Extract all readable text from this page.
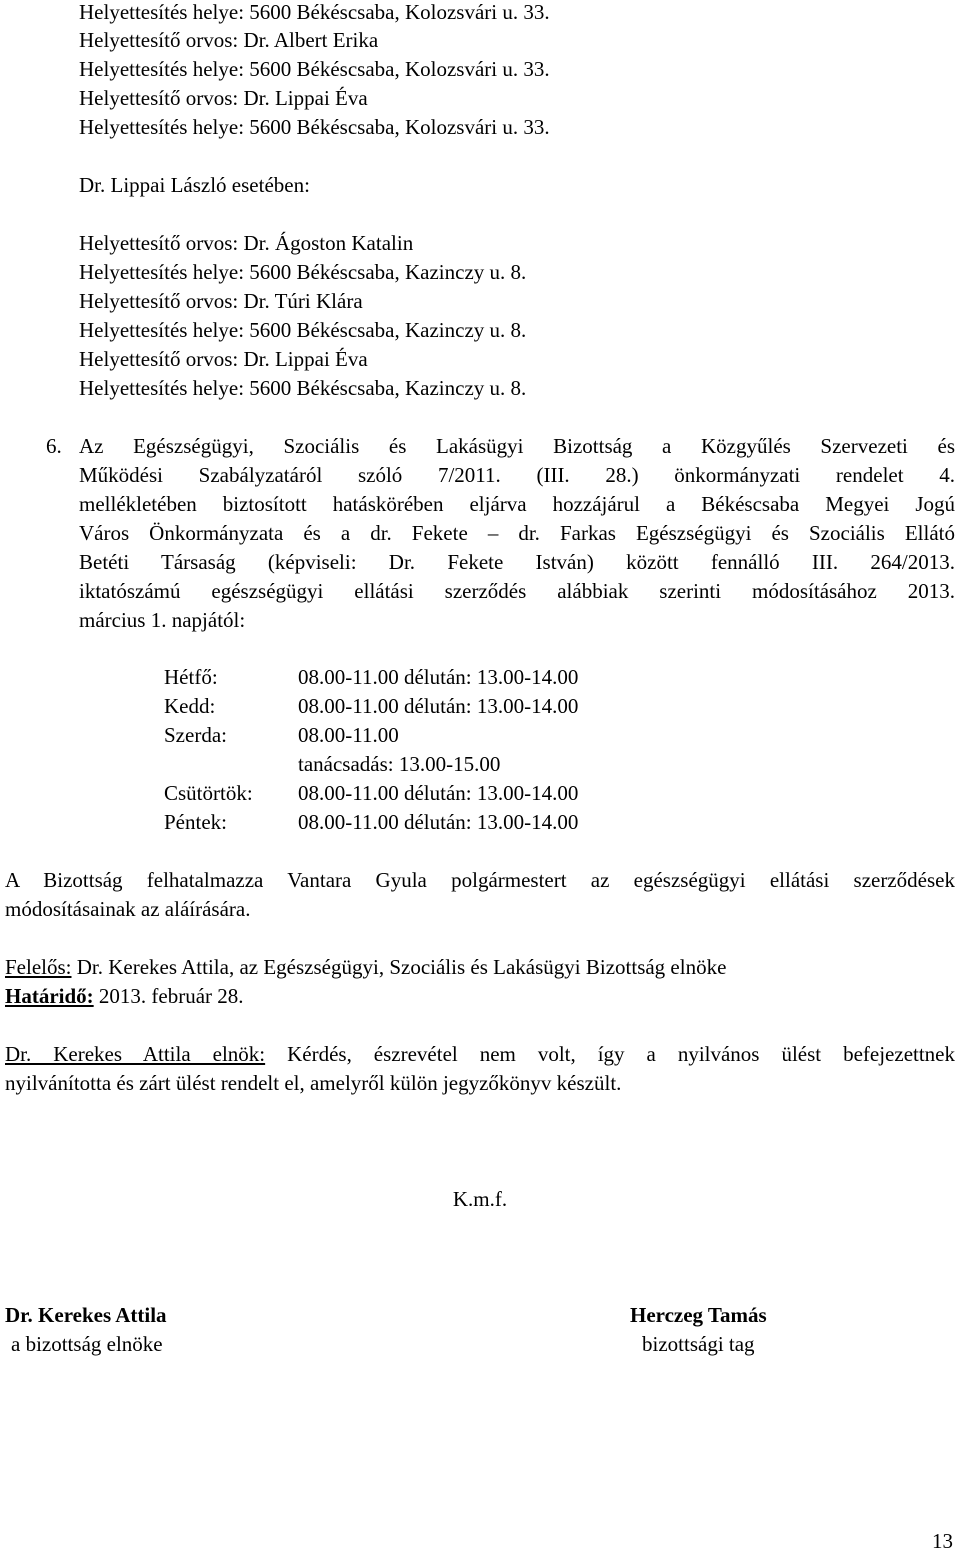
Helyettesítés helye: 5600 Békéscsaba, Kolozsvári u. 33.
Helyettesítő orvos: Dr. Albert Erika
Helyettesítés helye: 5600 Békéscsaba, Kolozsvári u. 33.
Helyettesítő orvos: Dr. Lippai Éva
Helyettesítés helye: 5600 Békéscsaba, Kolozsvári u. 33.
Dr. Lippai László esetében:
Helyettesítő orvos: Dr. Ágoston Katalin
Helyettesítés helye: 5600 Békéscsaba, Kazinczy u. 8.
Helyettesítő orvos: Dr. Túri Klára
Helyettesítés helye: 5600 Békéscsaba, Kazinczy u. 8.
Helyettesítő orvos: Dr. Lippai Éva
Helyettesítés helye: 5600 Békéscsaba, Kazinczy u. 8.
6. Az Egészségügyi, Szociális és Lakásügyi Bizottság a Közgyűlés Szervezeti és
Működési Szabályzatáról szóló 7/2011. (III. 28.) önkormányzati rendelet 4.
mellékletében biztosított hatáskörében eljárva hozzájárul a Békéscsaba Megyei Jogú
Város Önkormányzata és a dr. Fekete – dr. Farkas Egészségügyi és Szociális Ellátó
Betéti Társaság (képviseli: Dr. Fekete István) között fennálló III. 264/2013.
iktatószámú egészségügyi ellátási szerződés alábbiak szerinti módosításához 2013.
március 1. napjától:
Hétfő:	08.00-11.00 délután: 13.00-14.00
Kedd:	08.00-11.00 délután: 13.00-14.00
Szerda:	08.00-11.00
tanácsadás: 13.00-15.00
Csütörtök: 08.00-11.00 délután: 13.00-14.00
Péntek:	08.00-11.00 délután: 13.00-14.00
A Bizottság felhatalmazza Vantara Gyula polgármestert az egészségügyi ellátási szerződések
módosításainak az aláírására.
Felelős: Dr. Kerekes Attila, az Egészségügyi, Szociális és Lakásügyi Bizottság elnöke
Határidő: 2013. február 28.
Dr. Kerekes Attila elnök: Kérdés, észrevétel nem volt, így a nyilvános ülést befejezettnek
nyilvánította és zárt ülést rendelt el, amelyről külön jegyzőkönyv készült.
K.m.f.
Dr. Kerekes Attila
a bizottság elnöke
Herczeg Tamás
bizottsági tag
13
